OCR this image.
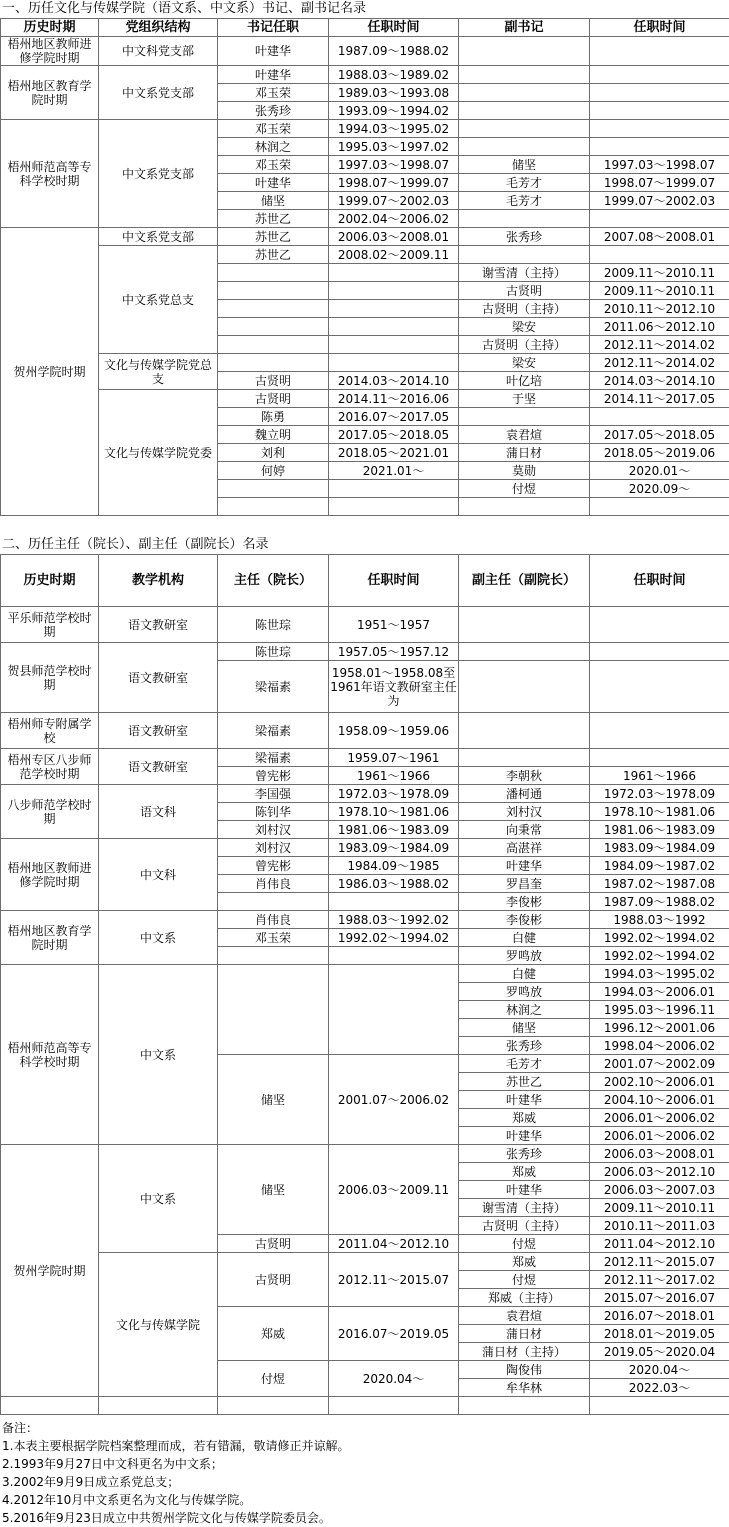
一、历任文化与传媒学院（语文系、中文系）书记、副书记名录
历史时期	党组织结构	书记任职	任职时间	副书记	任职时间	
梧州地区教师进修学院时期	中文科党支部	叶建华	1987.09～1988.02			
梧州地区教育学院时期	中文系党支部	叶建华	1988.03～1989.02			
		邓玉荣	1989.03～1993.08			
		张秀珍	1993.09～1994.02			
梧州师范高等专科学校时期	中文系党支部	邓玉荣	1994.03～1995.02			
		林润之	1995.03～1997.02			
		邓玉荣	1997.03～1998.07	储坚	1997.03～1998.07	
		叶建华	1998.07～1999.07	毛芳才	1998.07～1999.07	
		储坚	1999.07～2002.03	毛芳才	1999.07～2002.03	
		苏世乙	2002.04～2006.02			
贺州学院时期	中文系党支部	苏世乙	2006.03～2008.01	张秀珍	2007.08～2008.01	
	中文系党总支	苏世乙	2008.02～2009.11			
				谢雪清（主持）	2009.11～2010.11	
				古贤明	2009.11～2010.11	
				古贤明（主持）	2010.11～2012.10	
				梁安	2011.06～2012.10	
				古贤明（主持）	2012.11～2014.02	
	文化与传媒学院党总支			梁安	2012.11～2014.02	
		古贤明	2014.03～2014.10	叶亿培	2014.03～2014.10	
	文化与传媒学院党委	古贤明	2014.11～2016.06	于坚	2014.11～2017.05	
		陈勇	2016.07～2017.05			
		魏立明	2017.05～2018.05	袁君煊	2017.05～2018.05	
		刘利	2018.05～2021.01	蒲日材	2018.05～2019.06	
		何婷	2021.01～	莫勋	2020.01～	
				付煜	2020.09～	

二、历任主任（院长）、副主任（副院长）名录
历史时期	教学机构	主任（院长）	任职时间	副主任（副院长）	任职时间
平乐师范学校时期	语文教研室	陈世琮	1951～1957		
贺县师范学校时期	语文教研室	陈世琮	1957.05～1957.12		
		梁福素	1958.01～1958.08至1961年语文教研室主任为		
梧州师专附属学校	语文教研室	梁福素	1958.09～1959.06		
梧州专区八步师范学校时期	语文教研室	梁福素	1959.07～1961		
		曾宪彬	1961～1966	李朝秋	1961～1966
八步师范学校时期	语文科	李国强	1972.03～1978.09	潘柯通	1972.03～1978.09
		陈钊华	1978.10～1981.06	刘村汉	1978.10～1981.06
		刘村汉	1981.06～1983.09	向秉常	1981.06～1983.09
梧州地区教师进修学院时期	中文科	刘村汉	1983.09～1984.09	高湛祥	1983.09～1984.09
		曾宪彬	1984.09～1985	叶建华	1984.09～1987.02
		肖伟良	1986.03～1988.02	罗昌奎	1987.02～1987.08
				李俊彬	1987.09～1988.02
梧州地区教育学院时期	中文系	肖伟良	1988.03～1992.02	李俊彬	1988.03～1992
		邓玉荣	1992.02～1994.02	白健	1992.02～1994.02
				罗鸣放	1992.02～1994.02
梧州师范高等专科学校时期	中文系			白健	1994.03～1995.02
				罗鸣放	1994.03～2006.01
				林润之	1995.03～1996.11
				储坚	1996.12～2001.06
				张秀珍	1998.04～2006.02
		储坚	2001.07～2006.02	毛芳才	2001.07～2002.09
				苏世乙	2002.10～2006.01
				叶建华	2004.10～2006.01
				郑威	2006.01～2006.02
				叶建华	2006.01～2006.02
贺州学院时期	中文系	储坚	2006.03～2009.11	张秀珍	2006.03～2008.01
				郑威	2006.03～2012.10
				叶建华	2006.03～2007.03
				谢雪清（主持）	2009.11～2010.11
				古贤明（主持）	2010.11～2011.03
		古贤明	2011.04～2012.10	付煜	2011.04～2012.10
	文化与传媒学院	古贤明	2012.11～2015.07	郑威	2012.11～2015.07
				付煜	2012.11～2017.02
				郑威（主持）	2015.07～2016.07
		郑威	2016.07～2019.05	袁君煊	2016.07～2018.01
				蒲日材	2018.01～2019.05
				蒲日材（主持）	2019.05～2020.04
		付煜	2020.04～	陶俊伟	2020.04～
				牟华林	2022.03～

备注：
1.本表主要根据学院档案整理而成，若有错漏，敬请修正并谅解。
2.1993年9月27日中文科更名为中文系；
3.2002年9月9日成立系党总支；
4.2012年10月中文系更名为文化与传媒学院。
5.2016年9月23日成立中共贺州学院文化与传媒学院委员会。
